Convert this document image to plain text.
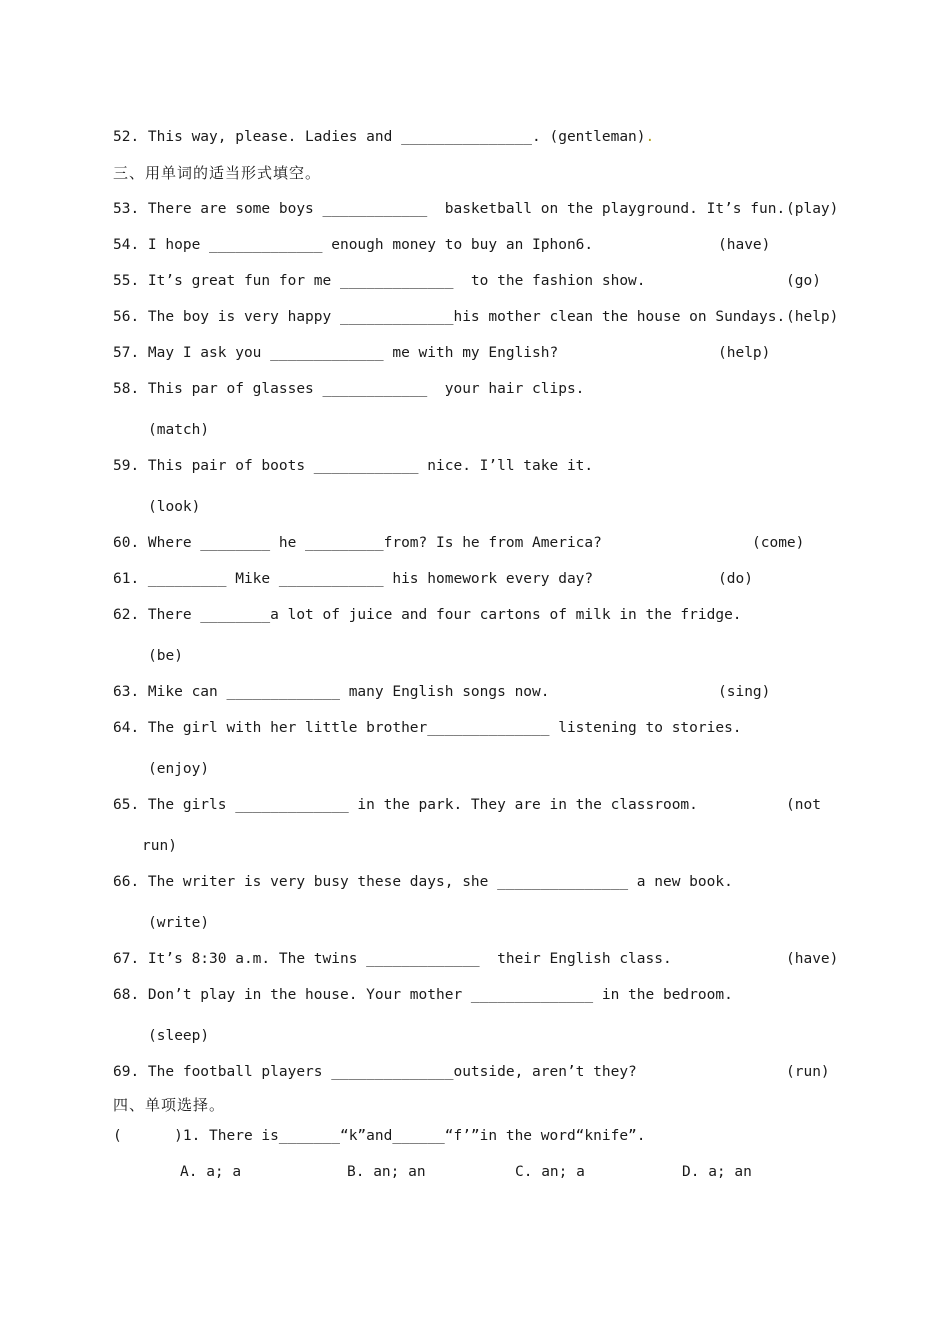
52. This way, please. Ladies and _______________. (gentleman).
三、用单词的适当形式填空。
53. There are some boys ____________  basketball on the playground. It’s fun. (play)
54. I hope _____________ enough money to buy an Iphon6.	(have)
55. It’s great fun for me _____________  to the fashion show.	(go)
56. The boy is very happy _____________his mother clean the house on Sundays. (help)
57. May I ask you _____________ me with my English?	(help)
58. This par of glasses ____________  your hair clips.
(match)
59. This pair of boots ____________ nice. I’ll take it.
(look)
60. Where ________ he _________from? Is he from America?	(come)
61. _________ Mike ____________ his homework every day?	(do)
62. There ________a lot of juice and four cartons of milk in the fridge.
(be)
63. Mike can _____________ many English songs now.	(sing)
64. The girl with her little brother______________ listening to stories.
(enjoy)
65. The girls _____________ in the park. They are in the classroom.	(not
run)
66. The writer is very busy these days, she _______________ a new book.
(write)
67. It’s 8:30 a.m. The twins _____________  their English class.	(have)
68. Don’t play in the house. Your mother ______________ in the bedroom.
(sleep)
69. The football players ______________outside, aren’t they?	(run)
四、单项选择。
(      )1. There is_______“k”and______“f’”in the word“knife”.
A. a; a	B. an; an	C. an; a	D. a; an
